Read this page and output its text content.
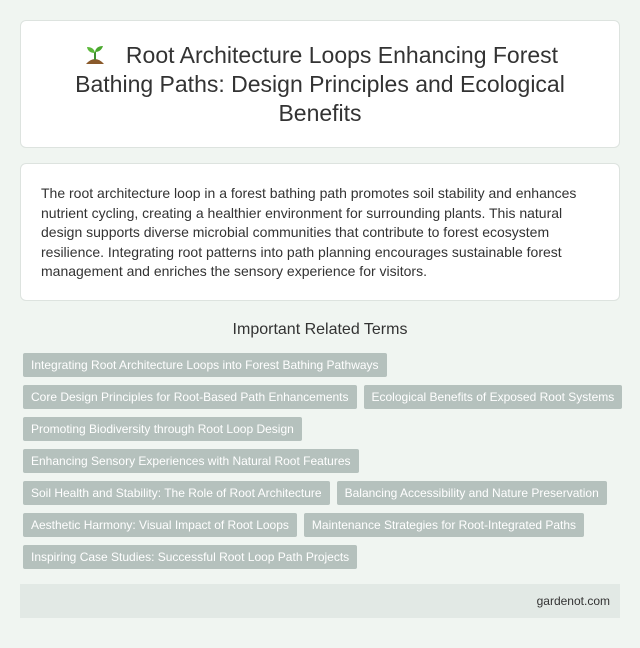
Root Architecture Loops Enhancing Forest Bathing Paths: Design Principles and Ecological Benefits

The root architecture loop in a forest bathing path promotes soil stability and enhances nutrient cycling, creating a healthier environment for surrounding plants. This natural design supports diverse microbial communities that contribute to forest ecosystem resilience. Integrating root patterns into path planning encourages sustainable forest management and enriches the sensory experience for visitors.

Important Related Terms
Integrating Root Architecture Loops into Forest Bathing Pathways
Core Design Principles for Root-Based Path Enhancements	Ecological Benefits of Exposed Root Systems
Promoting Biodiversity through Root Loop Design
Enhancing Sensory Experiences with Natural Root Features
Soil Health and Stability: The Role of Root Architecture	Balancing Accessibility and Nature Preservation
Aesthetic Harmony: Visual Impact of Root Loops	Maintenance Strategies for Root-Integrated Paths
Inspiring Case Studies: Successful Root Loop Path Projects
gardenot.com
